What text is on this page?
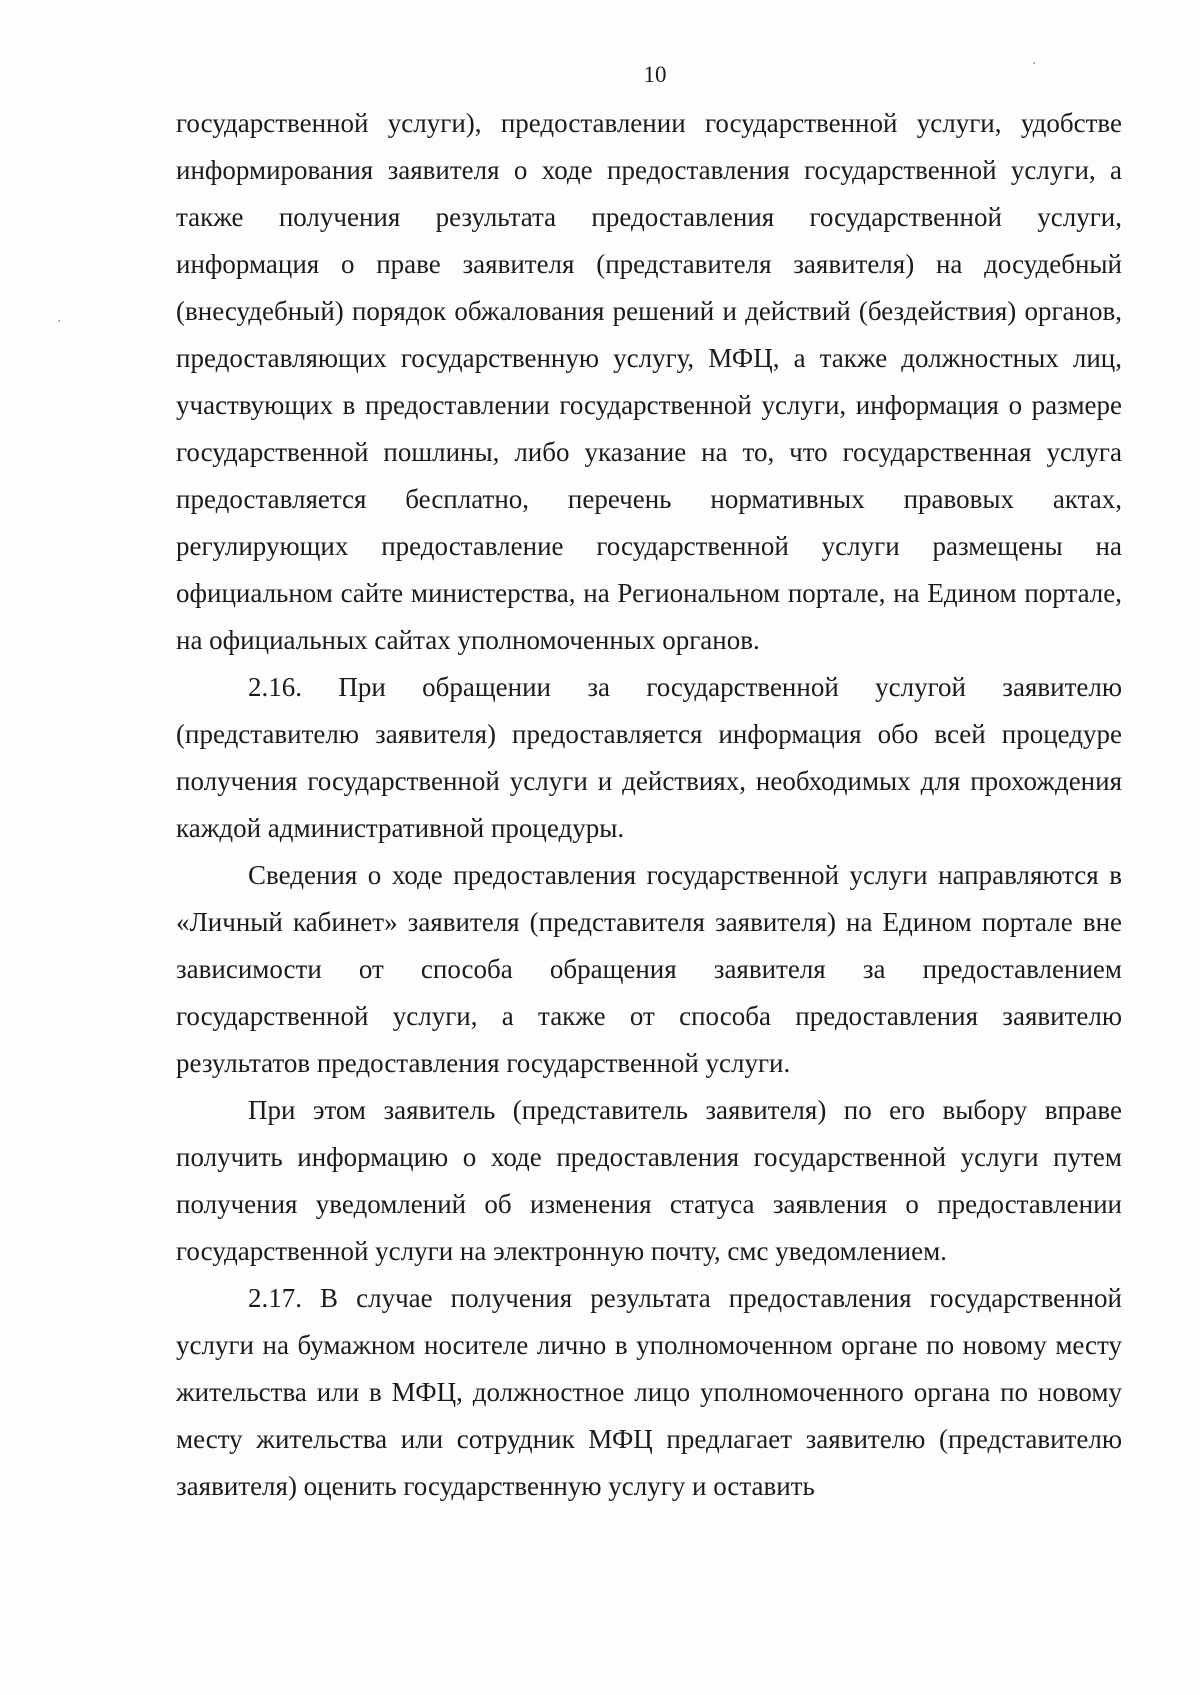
10

государственной услуги), предоставлении государственной услуги, удобстве информирования заявителя о ходе предоставления государственной услуги, а также получения результата предоставления государственной услуги, информация о праве заявителя (представителя заявителя) на досудебный (внесудебный) порядок обжалования решений и действий (бездействия) органов, предоставляющих государственную услугу, МФЦ, а также должностных лиц, участвующих в предоставлении государственной услуги, информация о размере государственной пошлины, либо указание на то, что государственная услуга предоставляется бесплатно, перечень нормативных правовых актах, регулирующих предоставление государственной услуги размещены на официальном сайте министерства, на Региональном портале, на Едином портале, на официальных сайтах уполномоченных органов.

2.16. При обращении за государственной услугой заявителю (представителю заявителя) предоставляется информация обо всей процедуре получения государственной услуги и действиях, необходимых для прохождения каждой административной процедуры.

Сведения о ходе предоставления государственной услуги направляются в «Личный кабинет» заявителя (представителя заявителя) на Едином портале вне зависимости от способа обращения заявителя за предоставлением государственной услуги, а также от способа предоставления заявителю результатов предоставления государственной услуги.

При этом заявитель (представитель заявителя) по его выбору вправе получить информацию о ходе предоставления государственной услуги путем получения уведомлений об изменения статуса заявления о предоставлении государственной услуги на электронную почту, смс уведомлением.

2.17. В случае получения результата предоставления государственной услуги на бумажном носителе лично в уполномоченном органе по новому месту жительства или в МФЦ, должностное лицо уполномоченного органа по новому месту жительства или сотрудник МФЦ предлагает заявителю (представителю заявителя) оценить государственную услугу и оставить
